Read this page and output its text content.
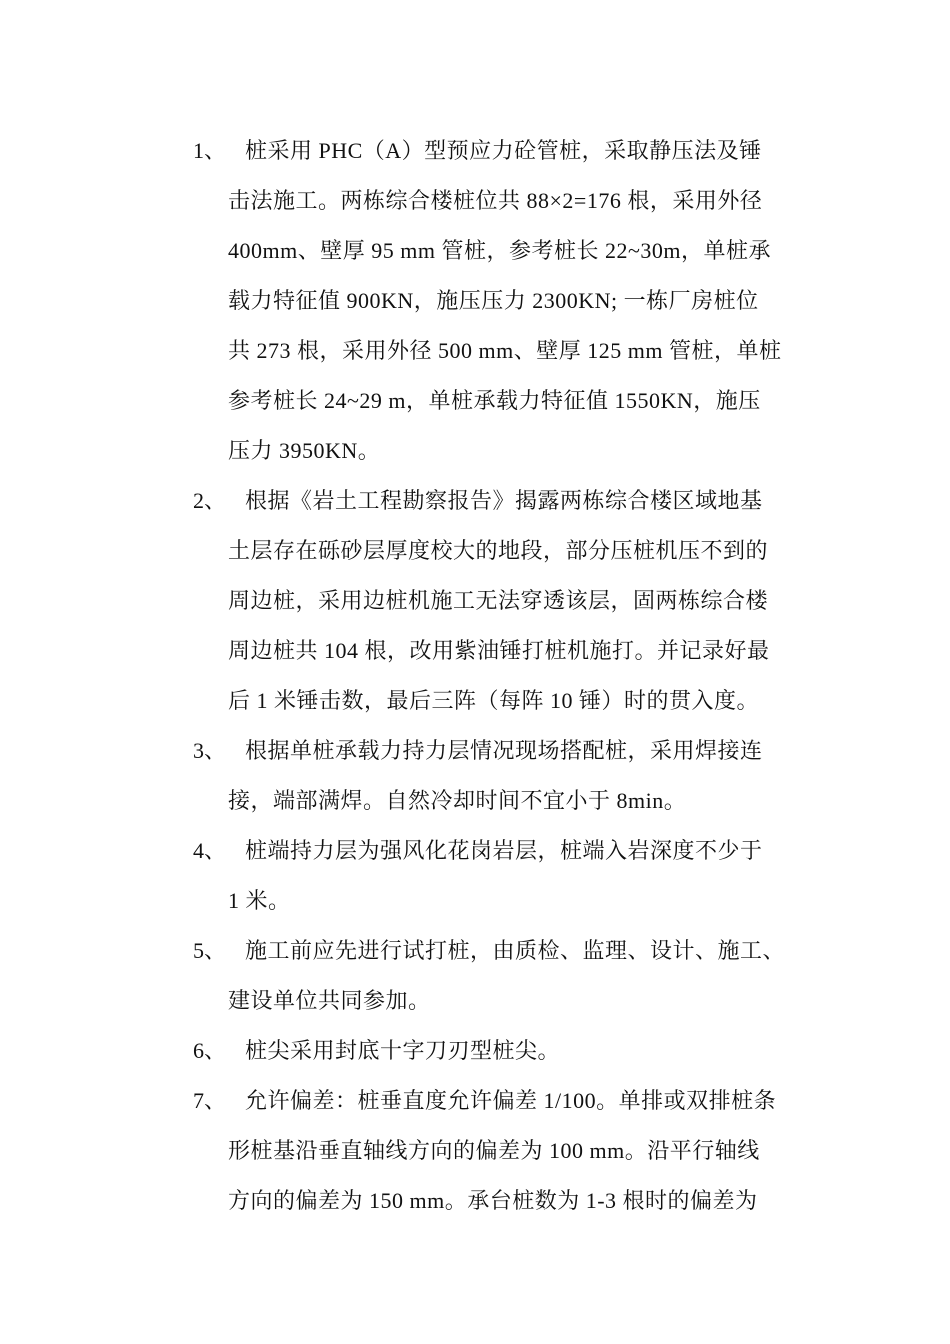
1、 桩采用 PHC（A）型预应力砼管桩，采取静压法及锤
击法施工。两栋综合楼桩位共 88×2=176 根，采用外径
400mm、壁厚 95 mm 管桩，参考桩长 22~30m，单桩承
载力特征值 900KN，施压压力 2300KN; 一栋厂房桩位
共 273 根，采用外径 500 mm、壁厚 125 mm 管桩，单桩
参考桩长 24~29 m，单桩承载力特征值 1550KN，施压
压力 3950KN。
2、 根据《岩土工程勘察报告》揭露两栋综合楼区域地基
土层存在砾砂层厚度校大的地段，部分压桩机压不到的
周边桩，采用边桩机施工无法穿透该层，固两栋综合楼
周边桩共 104 根，改用紫油锤打桩机施打。并记录好最
后 1 米锤击数，最后三阵（每阵 10 锤）时的贯入度。
3、 根据单桩承载力持力层情况现场搭配桩，采用焊接连
接，端部满焊。自然冷却时间不宜小于 8min。
4、 桩端持力层为强风化花岗岩层，桩端入岩深度不少于
1 米。
5、 施工前应先进行试打桩，由质检、监理、设计、施工、
建设单位共同参加。
6、 桩尖采用封底十字刀刃型桩尖。
7、 允许偏差：桩垂直度允许偏差 1/100。单排或双排桩条
形桩基沿垂直轴线方向的偏差为 100 mm。沿平行轴线
方向的偏差为 150 mm。承台桩数为 1-3 根时的偏差为
